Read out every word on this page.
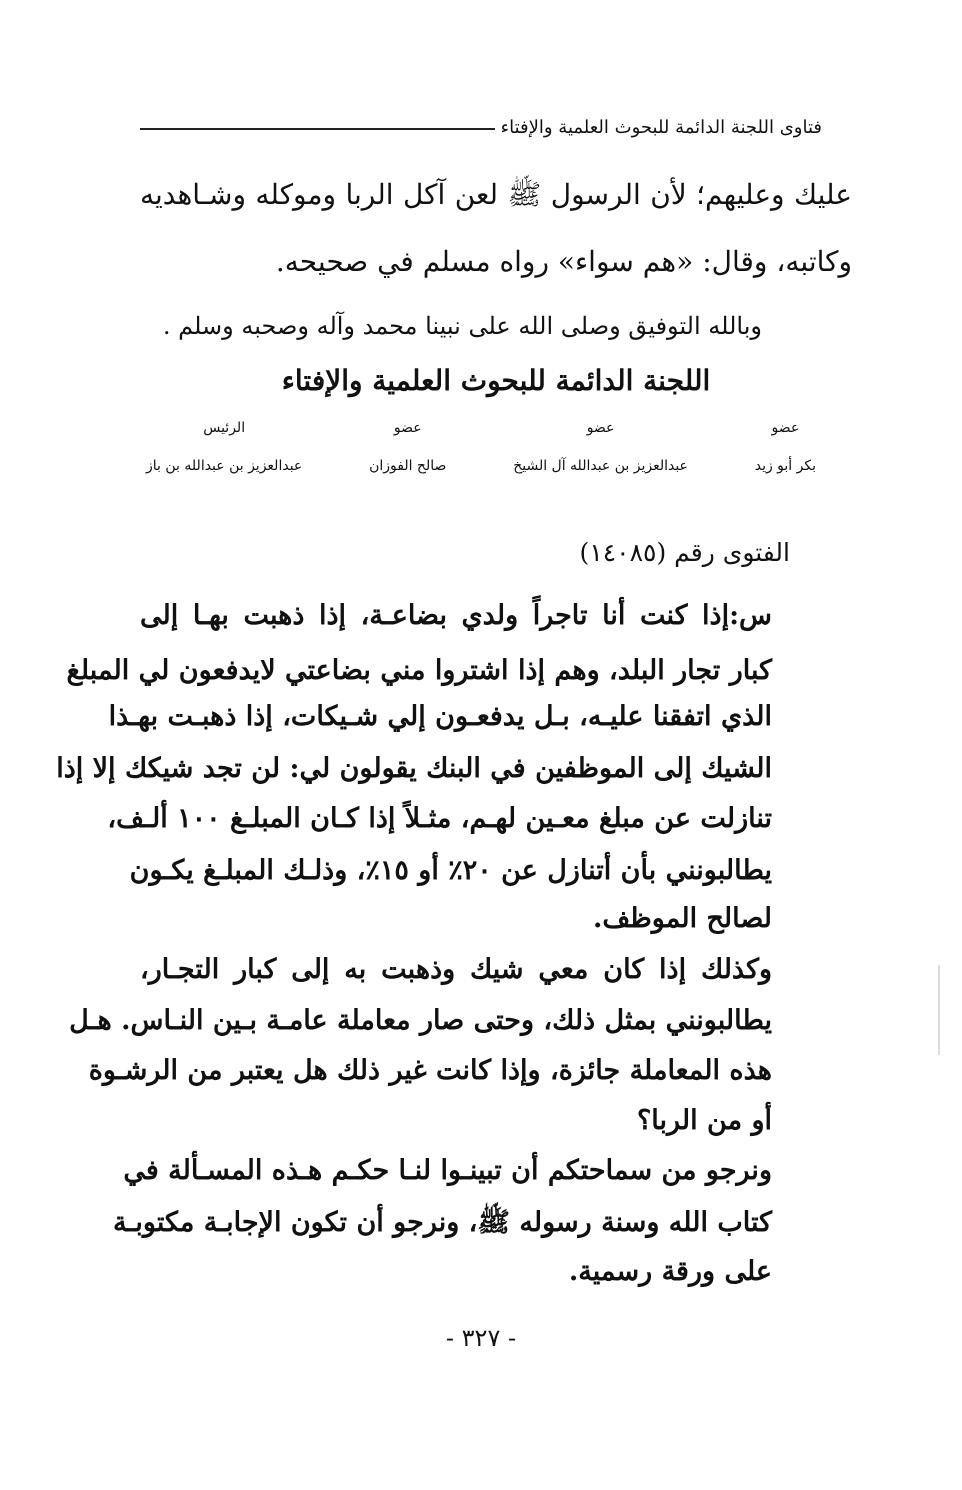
فتاوى اللجنة الدائمة للبحوث العلمية والإفتاء
عليك وعليهم؛ لأن الرسول ﷺ لعن آكل الربا وموكله وشـاهديه
وكاتبه، وقال: «هم سواء» رواه مسلم في صحيحه.
وبالله التوفيق وصلى الله على نبينا محمد وآله وصحبه وسلم .
اللجنة الدائمة للبحوث العلمية والإفتاء
عضو
بكر أبو زيد
عضو
عبدالعزيز بن عبدالله آل الشيخ
عضو
صالح الفوزان
الرئيس
عبدالعزيز بن عبدالله بن باز
الفتوى رقم (١٤٠٨٥)
س:إذا كنت أنا تاجراً ولدي بضاعـة، إذا ذهبت بهـا إلى
كبار تجار البلد، وهم إذا اشتروا مني بضاعتي لايدفعون لي المبلغ
الذي اتفقنا عليـه، بـل يدفعـون إلي شـيكات، إذا ذهبـت بهـذا
الشيك إلى الموظفين في البنك يقولون لي: لن تجد شيكك إلا إذا
تنازلت عن مبلغ معـين لهـم، مثـلاً إذا كـان المبلـغ ١٠٠ ألـف،
يطالبونني بأن أتنازل عن ٢٠٪ أو ١٥٪، وذلـك المبلـغ يكـون
لصالح الموظف.
وكذلك إذا كان معي شيك وذهبت به إلى كبار التجـار،
يطالبونني بمثل ذلك، وحتى صار معاملة عامـة بـين النـاس. هـل
هذه المعاملة جائزة، وإذا كانت غير ذلك هل يعتبر من الرشـوة
أو من الربا؟
ونرجو من سماحتكم أن تبينـوا لنـا حكـم هـذه المسـألة في
كتاب الله وسنة رسوله ﷺ، ونرجو أن تكون الإجابـة مكتوبـة
على ورقة رسمية.
- ٣٢٧ -
